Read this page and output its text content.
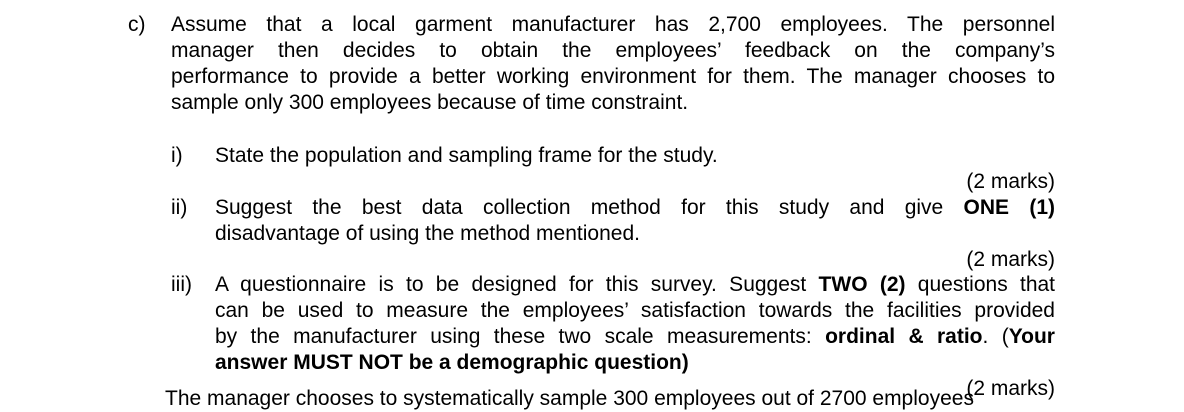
c) Assume that a local garment manufacturer has 2,700 employees. The personnel
manager then decides to obtain the employees’ feedback on the company’s
performance to provide a better working environment for them. The manager chooses to
sample only 300 employees because of time constraint.
i) State the population and sampling frame for the study.
(2 marks)
ii) Suggest the best data collection method for this study and give ONE (1)
disadvantage of using the method mentioned.
(2 marks)
iii) A questionnaire is to be designed for this survey. Suggest TWO (2) questions that
can be used to measure the employees’ satisfaction towards the facilities provided
by the manufacturer using these two scale measurements: ordinal & ratio. (Your
answer MUST NOT be a demographic question)
(2 marks)
The manager chooses to systematically sample 300 employees out of 2700 employees
